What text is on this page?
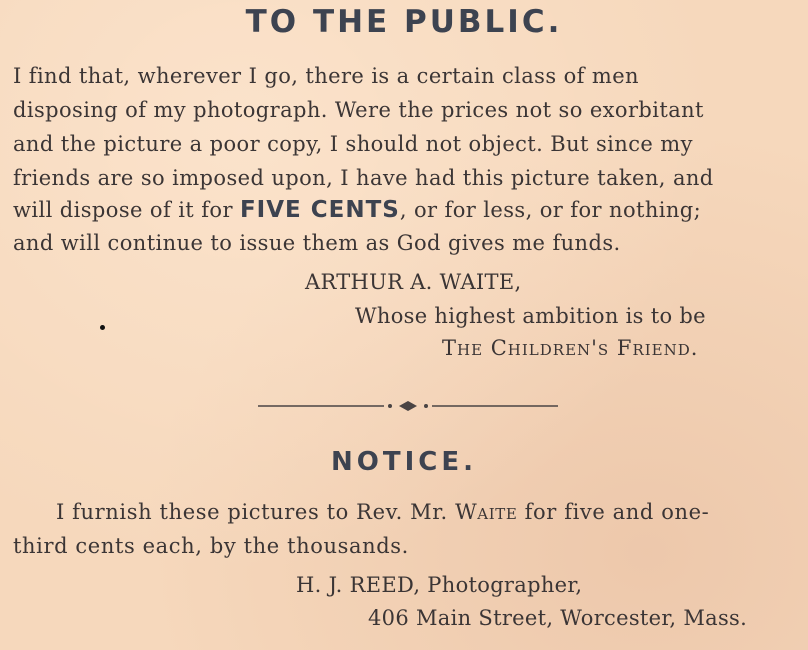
TO THE PUBLIC.

I find that, wherever I go, there is a certain class of men

disposing of my photograph. Were the prices not so exorbitant

and the picture a poor copy, I should not object. But since my

friends are so imposed upon, I have had this picture taken, and

will dispose of it for FIVE CENTS, or for less, or for nothing;

and will continue to issue them as God gives me funds.

ARTHUR A. WAITE,

Whose highest ambition is to be

The Children's Friend.

NOTICE.

I furnish these pictures to Rev. Mr. Waite for five and one-

third cents each, by the thousands.

H. J. REED, Photographer,

406 Main Street, Worcester, Mass.
